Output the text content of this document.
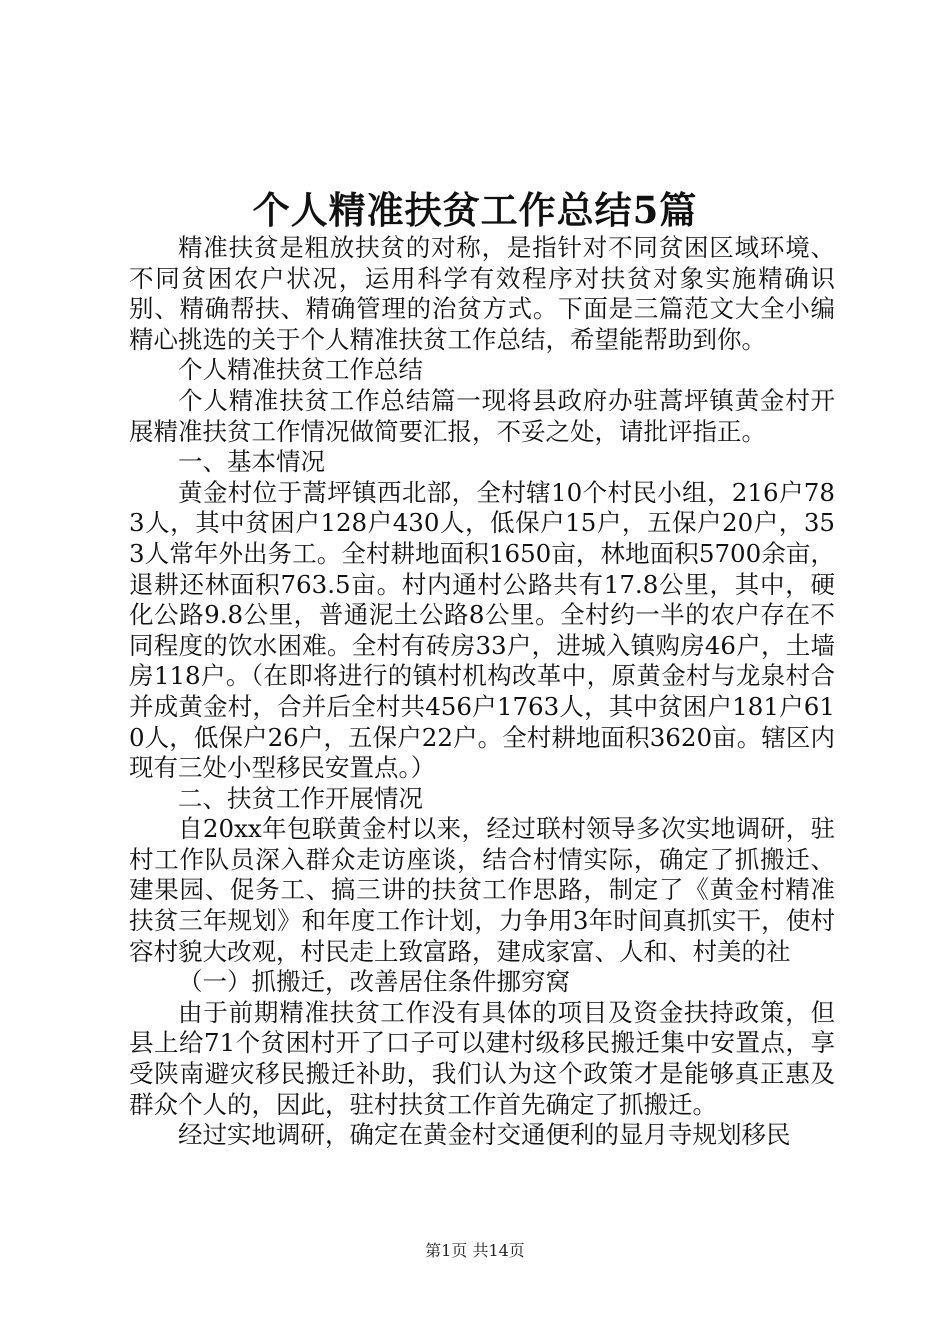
个人精准扶贫工作总结5篇

精准扶贫是粗放扶贫的对称，是指针对不同贫困区域环境、不同贫困农户状况，运用科学有效程序对扶贫对象实施精确识别、精确帮扶、精确管理的治贫方式。下面是三篇范文大全小编精心挑选的关于个人精准扶贫工作总结，希望能帮助到你。

个人精准扶贫工作总结

个人精准扶贫工作总结篇一现将县政府办驻蒿坪镇黄金村开展精准扶贫工作情况做简要汇报，不妥之处，请批评指正。

一、基本情况

黄金村位于蒿坪镇西北部，全村辖10个村民小组，216户783人，其中贫困户128户430人，低保户15户，五保户20户，353人常年外出务工。全村耕地面积1650亩，林地面积5700余亩，退耕还林面积763.5亩。村内通村公路共有17.8公里，其中，硬化公路9.8公里，普通泥土公路8公里。全村约一半的农户存在不同程度的饮水困难。全村有砖房33户，进城入镇购房46户，土墙房118户。（在即将进行的镇村机构改革中，原黄金村与龙泉村合并成黄金村，合并后全村共456户1763人，其中贫困户181户610人，低保户26户，五保户22户。全村耕地面积3620亩。辖区内现有三处小型移民安置点。）

二、扶贫工作开展情况

自20xx年包联黄金村以来，经过联村领导多次实地调研，驻村工作队员深入群众走访座谈，结合村情实际，确定了抓搬迁、建果园、促务工、搞三讲的扶贫工作思路，制定了《黄金村精准扶贫三年规划》和年度工作计划，力争用3年时间真抓实干，使村容村貌大改观，村民走上致富路，建成家富、人和、村美的社

（一）抓搬迁，改善居住条件挪穷窝

由于前期精准扶贫工作没有具体的项目及资金扶持政策，但县上给71个贫困村开了口子可以建村级移民搬迁集中安置点，享受陕南避灾移民搬迁补助，我们认为这个政策才是能够真正惠及群众个人的，因此，驻村扶贫工作首先确定了抓搬迁。

经过实地调研，确定在黄金村交通便利的显月寺规划移民

第1页 共14页
